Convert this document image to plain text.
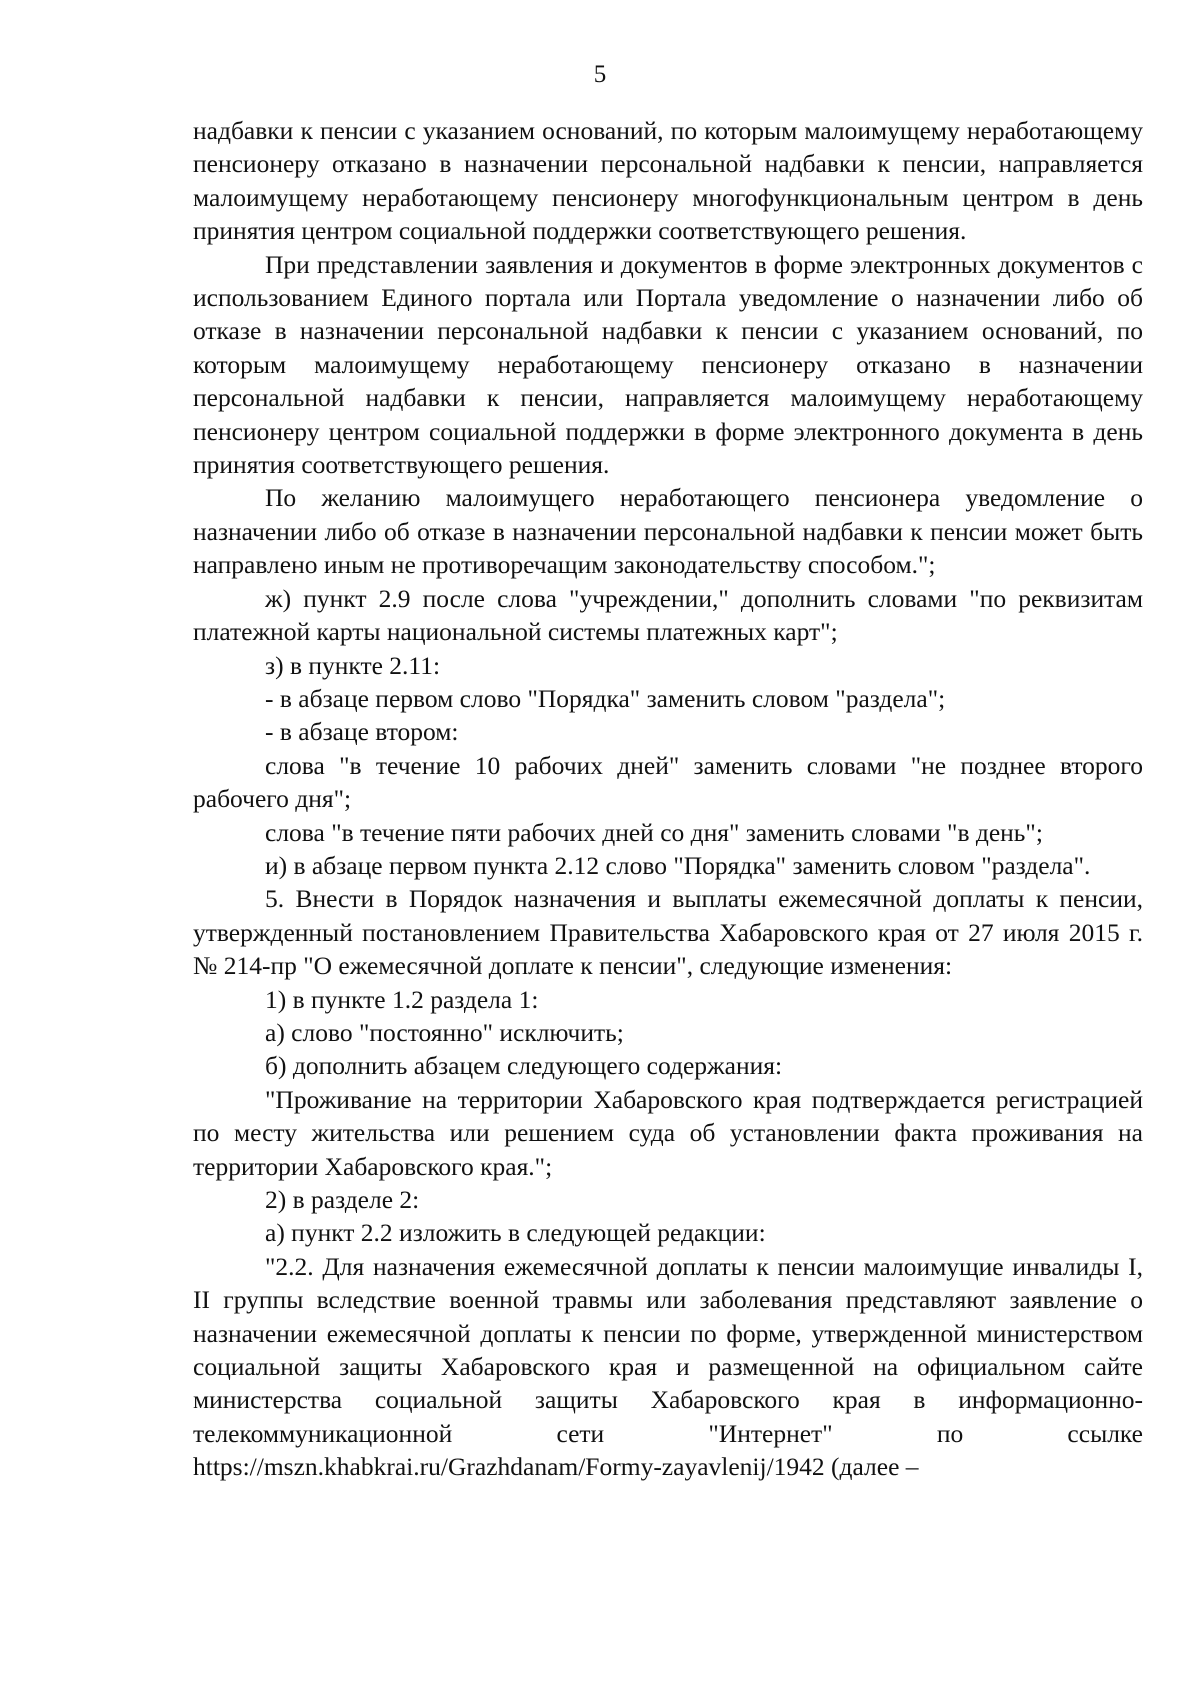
5

надбавки к пенсии с указанием оснований, по которым малоимущему неработающему пенсионеру отказано в назначении персональной надбавки к пенсии, направляется малоимущему неработающему пенсионеру многофункциональным центром в день принятия центром социальной поддержки соответствующего решения.

При представлении заявления и документов в форме электронных документов с использованием Единого портала или Портала уведомление о назначении либо об отказе в назначении персональной надбавки к пенсии с указанием оснований, по которым малоимущему неработающему пенсионеру отказано в назначении персональной надбавки к пенсии, направляется малоимущему неработающему пенсионеру центром социальной поддержки в форме электронного документа в день принятия соответствующего решения.

По желанию малоимущего неработающего пенсионера уведомление о назначении либо об отказе в назначении персональной надбавки к пенсии может быть направлено иным не противоречащим законодательству способом.";

ж) пункт 2.9 после слова "учреждении," дополнить словами "по реквизитам платежной карты национальной системы платежных карт";

з) в пункте 2.11:

- в абзаце первом слово "Порядка" заменить словом "раздела";

- в абзаце втором:

слова "в течение 10 рабочих дней" заменить словами "не позднее второго рабочего дня";

слова "в течение пяти рабочих дней со дня" заменить словами "в день";

и) в абзаце первом пункта 2.12 слово "Порядка" заменить словом "раздела".

5. Внести в Порядок назначения и выплаты ежемесячной доплаты к пенсии, утвержденный постановлением Правительства Хабаровского края от 27 июля 2015 г. № 214-пр "О ежемесячной доплате к пенсии", следующие изменения:

1) в пункте 1.2 раздела 1:

а) слово "постоянно" исключить;

б) дополнить абзацем следующего содержания:

"Проживание на территории Хабаровского края подтверждается регистрацией по месту жительства или решением суда об установлении факта проживания на территории Хабаровского края.";

2) в разделе 2:

а) пункт 2.2 изложить в следующей редакции:

"2.2. Для назначения ежемесячной доплаты к пенсии малоимущие инвалиды I, II группы вследствие военной травмы или заболевания представляют заявление о назначении ежемесячной доплаты к пенсии по форме, утвержденной министерством социальной защиты Хабаровского края и размещенной на официальном сайте министерства социальной защиты Хабаровского края в информационно-телекоммуникационной сети "Интернет" по ссылке https://mszn.khabkrai.ru/Grazhdanam/Formy-zayavlenij/1942 (далее –
